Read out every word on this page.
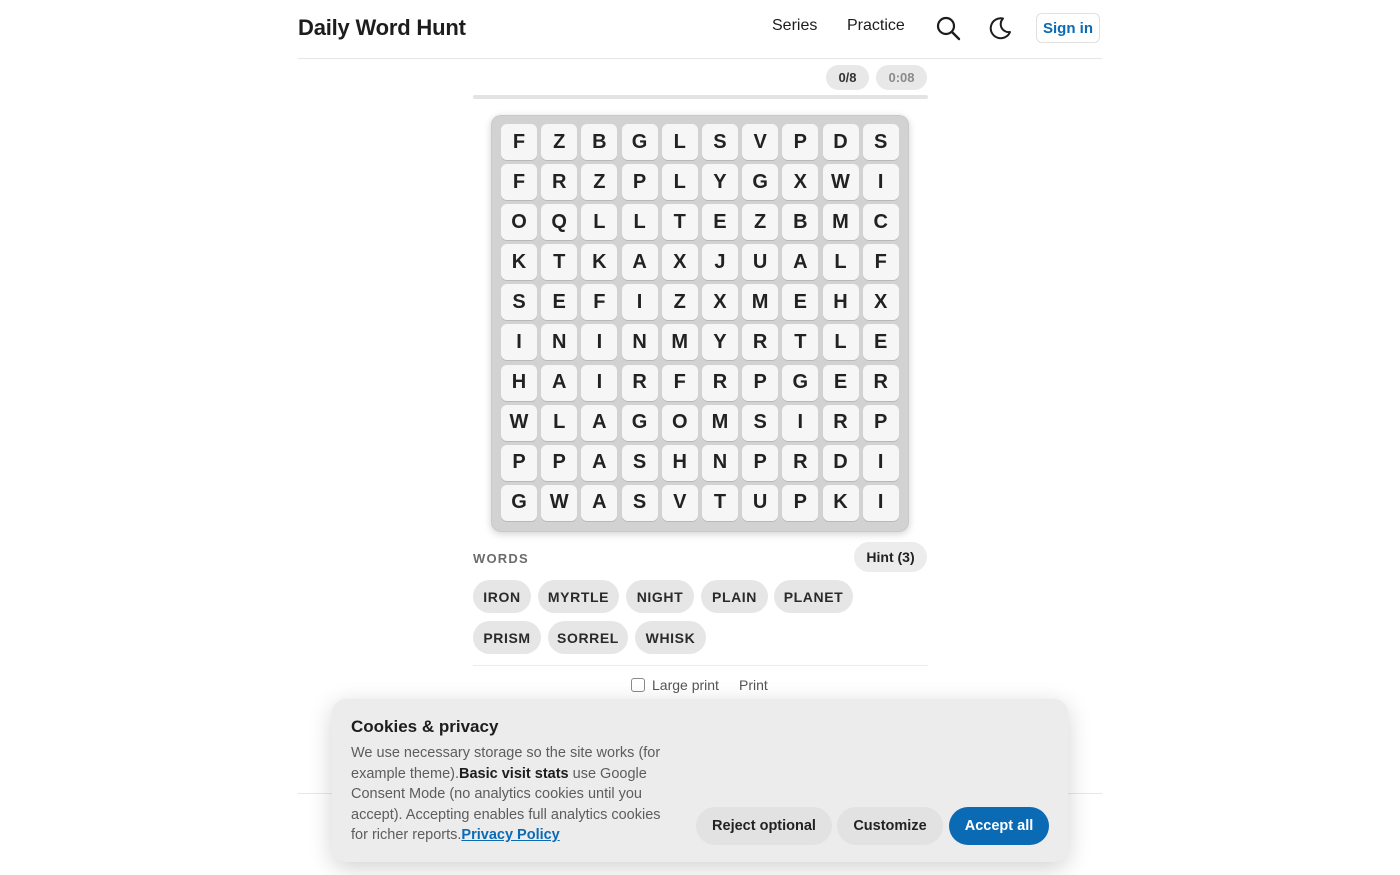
Daily Word Hunt	Series Practice	Sign in
0/8	0:08
F	Z	B	G	L	S	V	P	D	S
F	R	Z	P	L	Y	G	X	W	I
O	Q	L	L	T	E	Z	B	M	C
K	T	K	A	X	J	U	A	L	F
S	E	F	I	Z	X	M	E	H	X
I	N	I	N	M	Y	R	T	L	E
H	A	I	R	F	R	P	G	E	R
W	L	A	G	O	M	S	I	R	P
P	P	A	S	H	N	P	R	D	I
G	W	A	S	V	T	U	P	K	I
WORDS	Hint (3)
IRON	MYRTLE	NIGHT	PLAIN	PLANET
PRISM	SORREL	WHISK
Large print Print
Cookies & privacy
We use necessary storage so the site works (for example theme).Basic visit stats use Google Consent Mode (no analytics cookies until you accept). Accepting enables full analytics cookies for richer reports.Privacy Policy
Reject optional	Customize	Accept all
